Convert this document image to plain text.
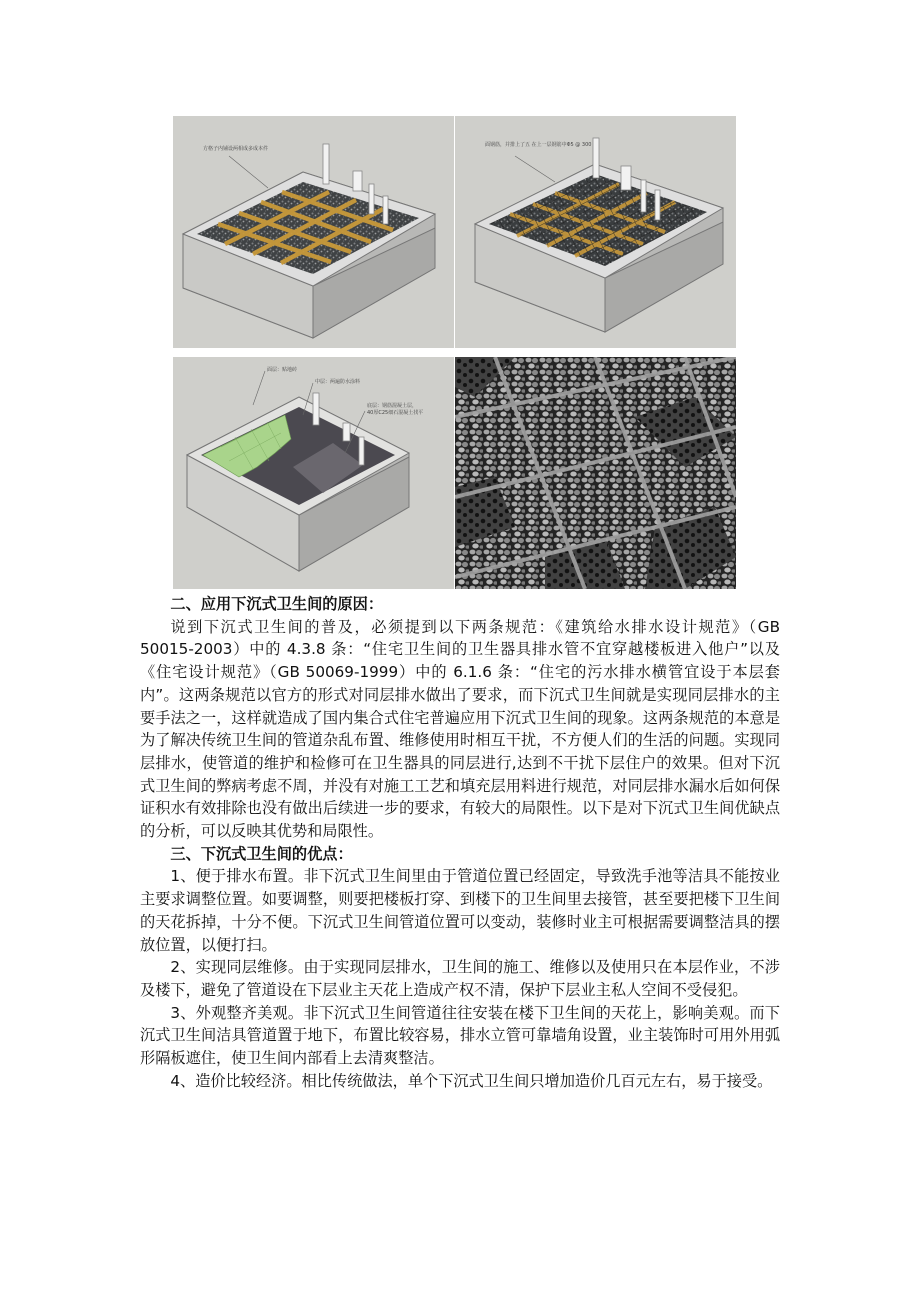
方格子内铺设两相成多成本件
面钢筋，并排上了五 在上一层钢筋中Φ5 @ 300
面层：贴地砖
中层：两遍防水涂料
底层：钢筋混凝土层，
40厚C25细石混凝土找平

二、应用下沉式卫生间的原因：

说到下沉式卫生间的普及，必须提到以下两条规范：《建筑给水排水设计规范》（GB 50015-2003）中的 4.3.8 条：“住宅卫生间的卫生器具排水管不宜穿越楼板进入他户”以及《住宅设计规范》（GB 50069-1999）中的 6.1.6 条：“住宅的污水排水横管宜设于本层套内”。这两条规范以官方的形式对同层排水做出了要求，而下沉式卫生间就是实现同层排水的主要手法之一，这样就造成了国内集合式住宅普遍应用下沉式卫生间的现象。这两条规范的本意是为了解决传统卫生间的管道杂乱布置、维修使用时相互干扰，不方便人们的生活的问题。实现同层排水，使管道的维护和检修可在卫生器具的同层进行,达到不干扰下层住户的效果。但对下沉式卫生间的弊病考虑不周，并没有对施工工艺和填充层用料进行规范，对同层排水漏水后如何保证积水有效排除也没有做出后续进一步的要求，有较大的局限性。以下是对下沉式卫生间优缺点的分析，可以反映其优势和局限性。

三、下沉式卫生间的优点：

1、便于排水布置。非下沉式卫生间里由于管道位置已经固定，导致洗手池等洁具不能按业主要求调整位置。如要调整，则要把楼板打穿、到楼下的卫生间里去接管，甚至要把楼下卫生间的天花拆掉，十分不便。下沉式卫生间管道位置可以变动，装修时业主可根据需要调整洁具的摆放位置，以便打扫。

2、实现同层维修。由于实现同层排水，卫生间的施工、维修以及使用只在本层作业，不涉及楼下，避免了管道设在下层业主天花上造成产权不清，保护下层业主私人空间不受侵犯。

3、外观整齐美观。非下沉式卫生间管道往往安装在楼下卫生间的天花上，影响美观。而下沉式卫生间洁具管道置于地下，布置比较容易，排水立管可靠墙角设置，业主装饰时可用外用弧形隔板遮住，使卫生间内部看上去清爽整洁。

4、造价比较经济。相比传统做法，单个下沉式卫生间只增加造价几百元左右，易于接受。
